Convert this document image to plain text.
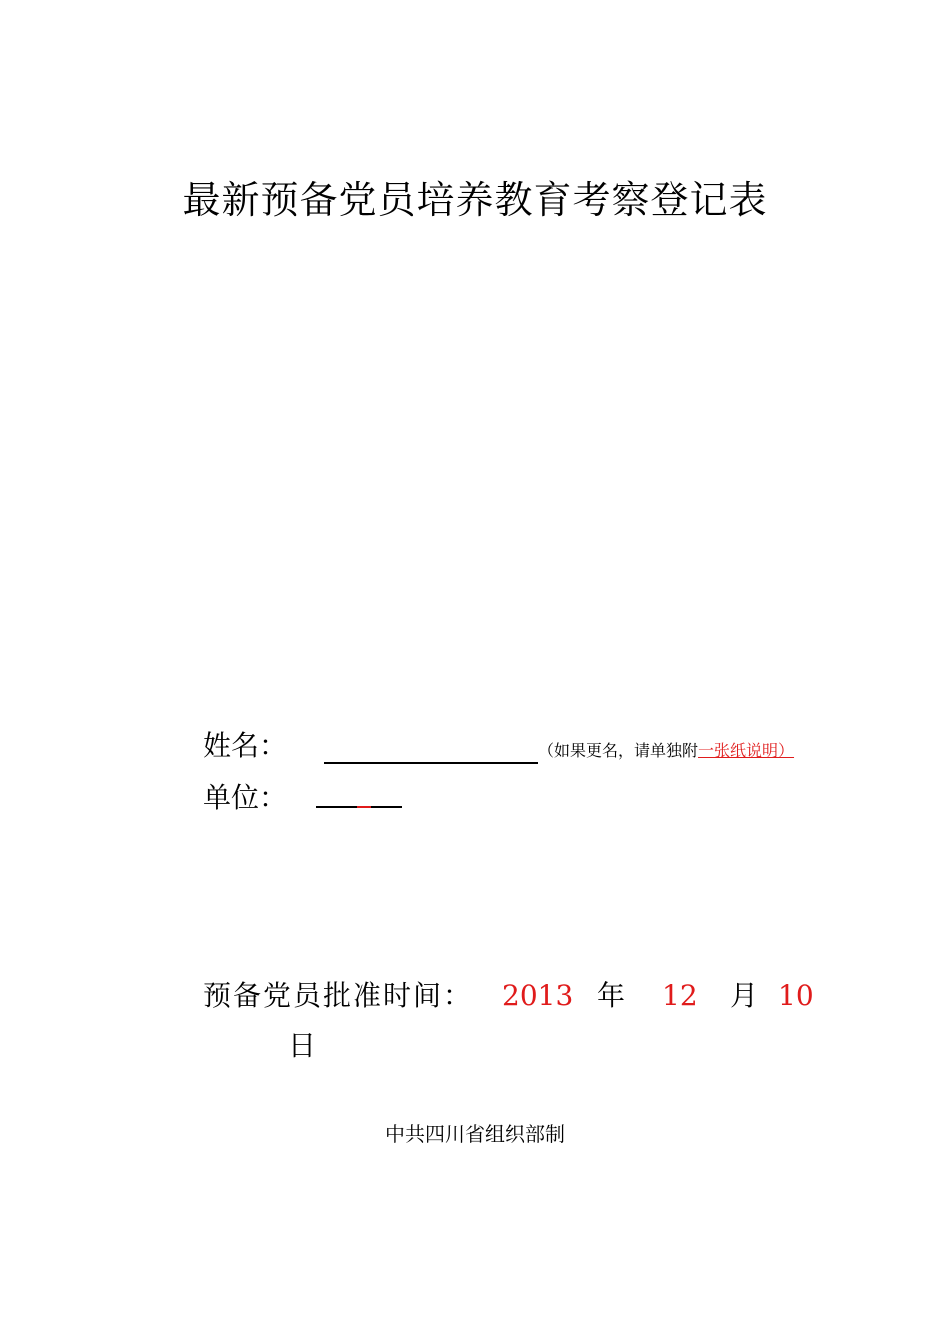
最新预备党员培养教育考察登记表
姓名：	（如果更名，请单独附一张纸说明）
单位：
预备党员批准时间： 2013 年 12 月 10
日
中共四川省组织部制
